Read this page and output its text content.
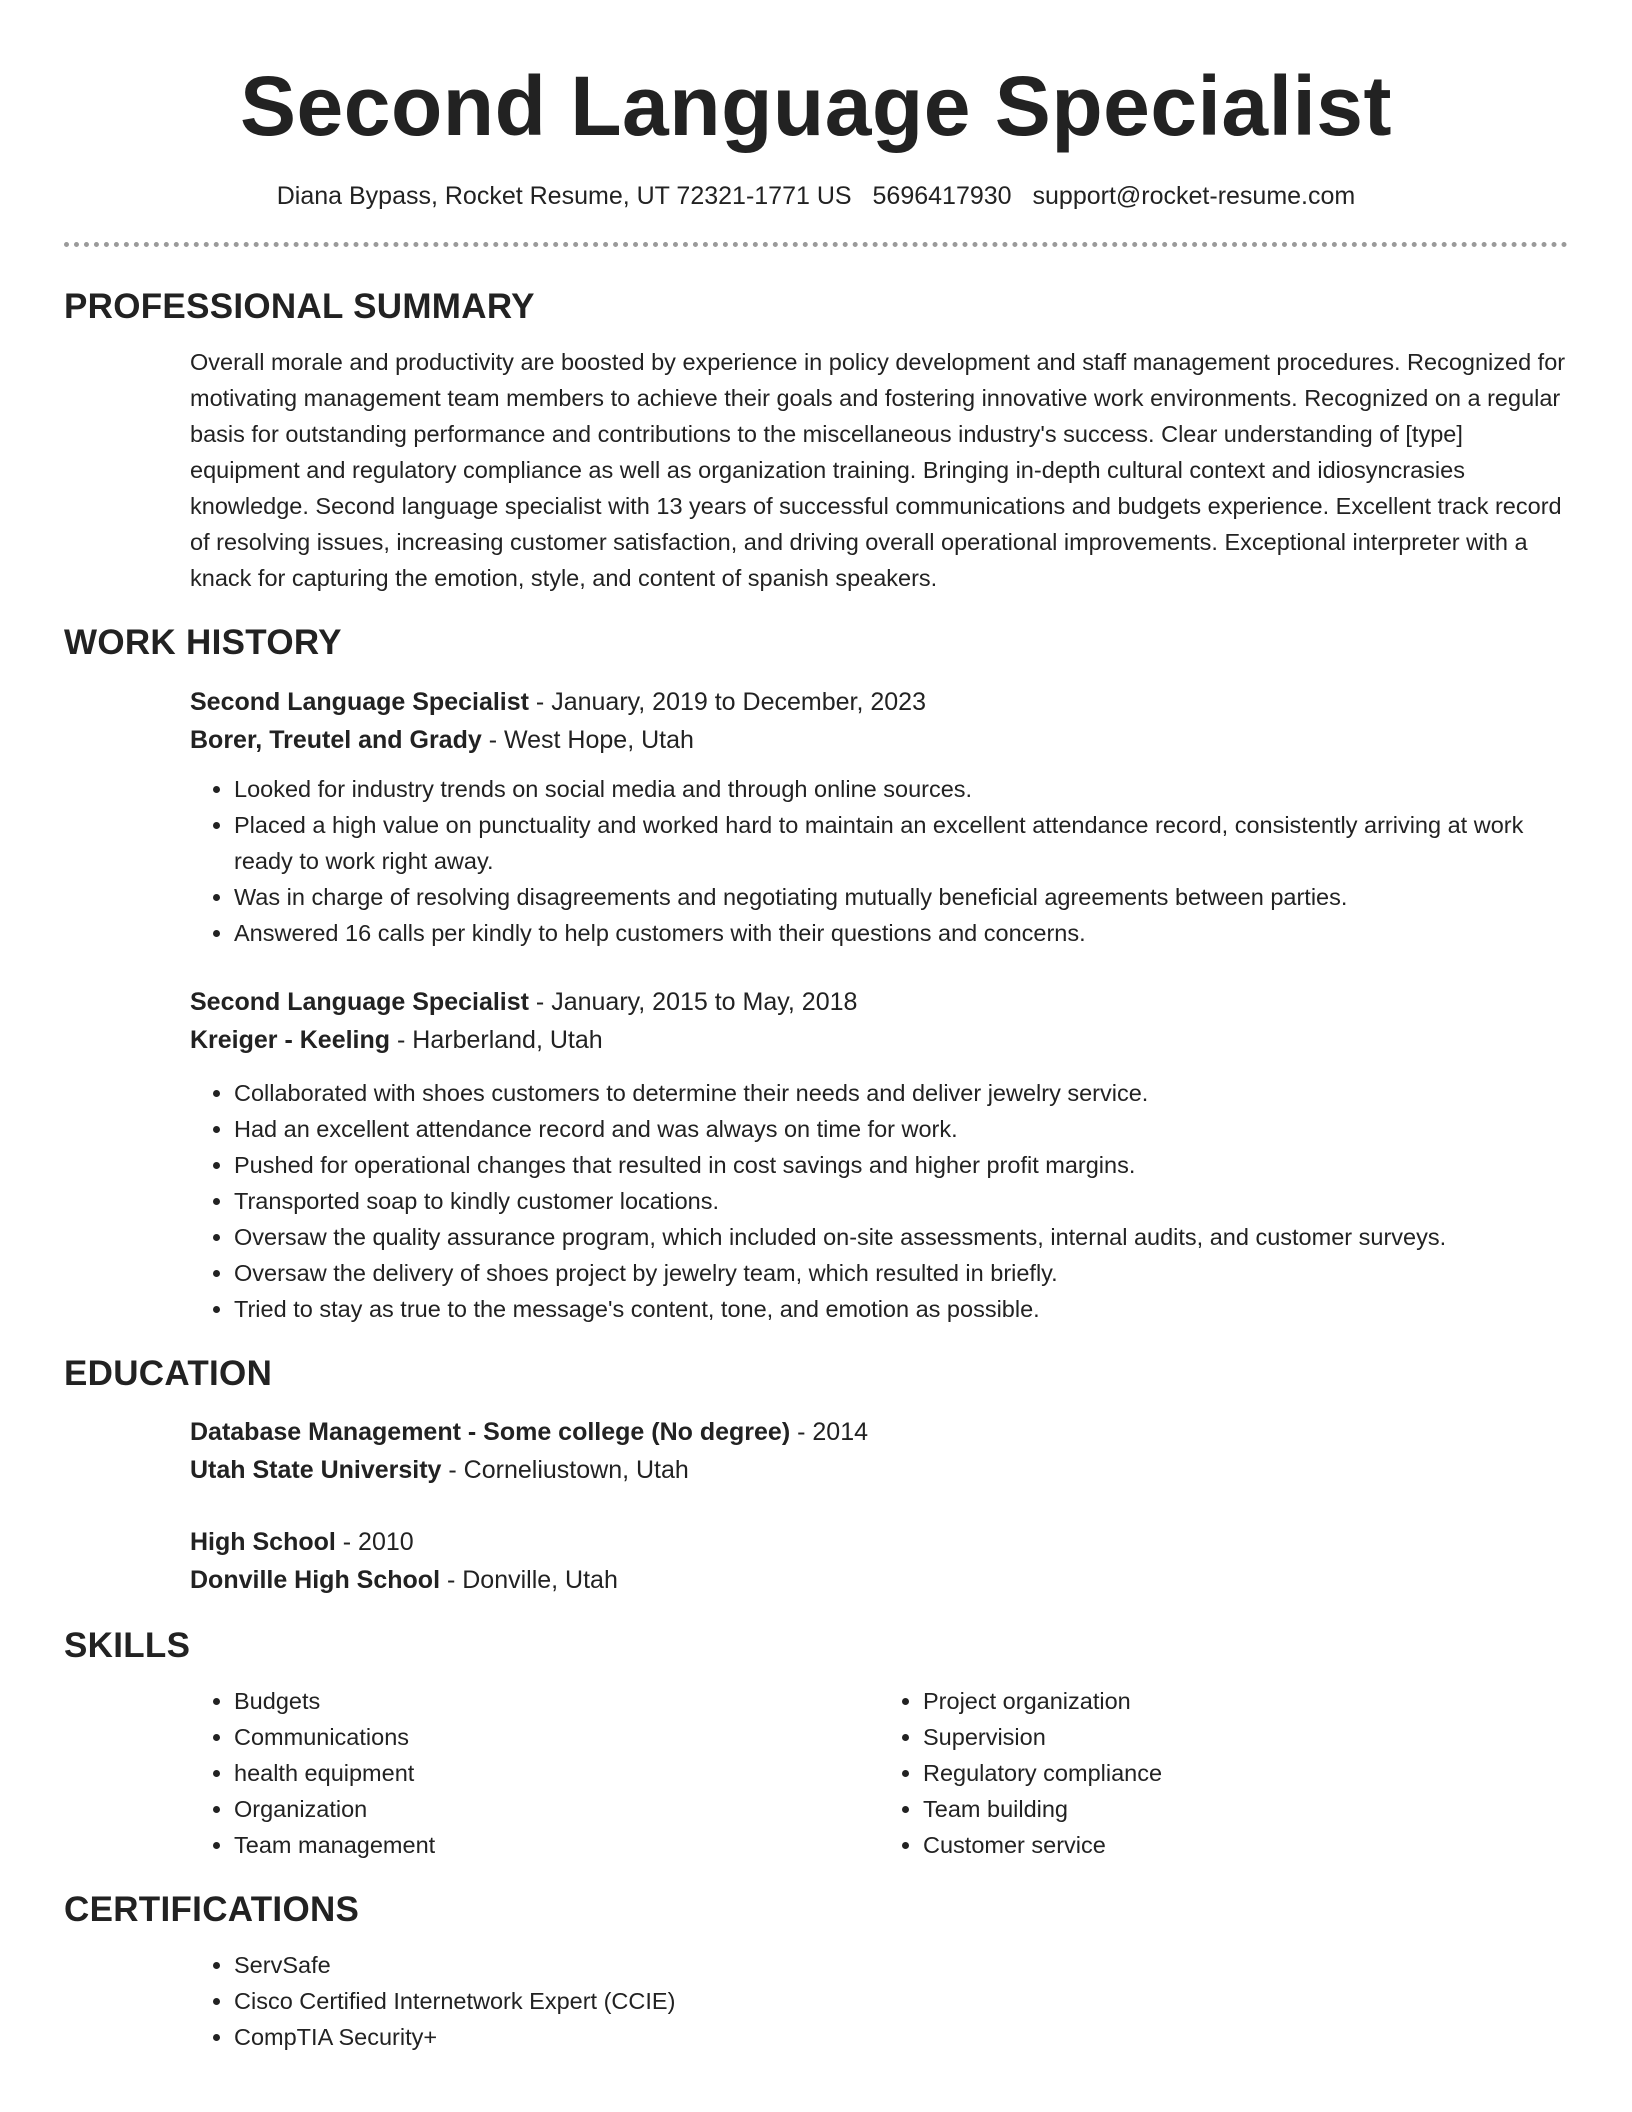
Second Language Specialist
Diana Bypass, Rocket Resume, UT 72321-1771 US 5696417930 support@rocket-resume.com
PROFESSIONAL SUMMARY

Overall morale and productivity are boosted by experience in policy development and staff management procedures. Recognized for motivating management team members to achieve their goals and fostering innovative work environments. Recognized on a regular basis for outstanding performance and contributions to the miscellaneous industry's success. Clear understanding of [type] equipment and regulatory compliance as well as organization training. Bringing in-depth cultural context and idiosyncrasies knowledge. Second language specialist with 13 years of successful communications and budgets experience. Excellent track record of resolving issues, increasing customer satisfaction, and driving overall operational improvements. Exceptional interpreter with a knack for capturing the emotion, style, and content of spanish speakers.

WORK HISTORY
Second Language Specialist - January, 2019 to December, 2023
Borer, Treutel and Grady - West Hope, Utah
• Looked for industry trends on social media and through online sources.
• Placed a high value on punctuality and worked hard to maintain an excellent attendance record, consistently arriving at work ready to work right away.
• Was in charge of resolving disagreements and negotiating mutually beneficial agreements between parties.
• Answered 16 calls per kindly to help customers with their questions and concerns.
Second Language Specialist - January, 2015 to May, 2018
Kreiger - Keeling - Harberland, Utah
• Collaborated with shoes customers to determine their needs and deliver jewelry service.
• Had an excellent attendance record and was always on time for work.
• Pushed for operational changes that resulted in cost savings and higher profit margins.
• Transported soap to kindly customer locations.
• Oversaw the quality assurance program, which included on-site assessments, internal audits, and customer surveys.
• Oversaw the delivery of shoes project by jewelry team, which resulted in briefly.
• Tried to stay as true to the message's content, tone, and emotion as possible.
EDUCATION
Database Management - Some college (No degree) - 2014
Utah State University - Corneliustown, Utah
High School - 2010
Donville High School - Donville, Utah
SKILLS
• Budgets
• Communications
• health equipment
• Organization
• Team management
• Project organization
• Supervision
• Regulatory compliance
• Team building
• Customer service
CERTIFICATIONS
• ServSafe
• Cisco Certified Internetwork Expert (CCIE)
• CompTIA Security+
